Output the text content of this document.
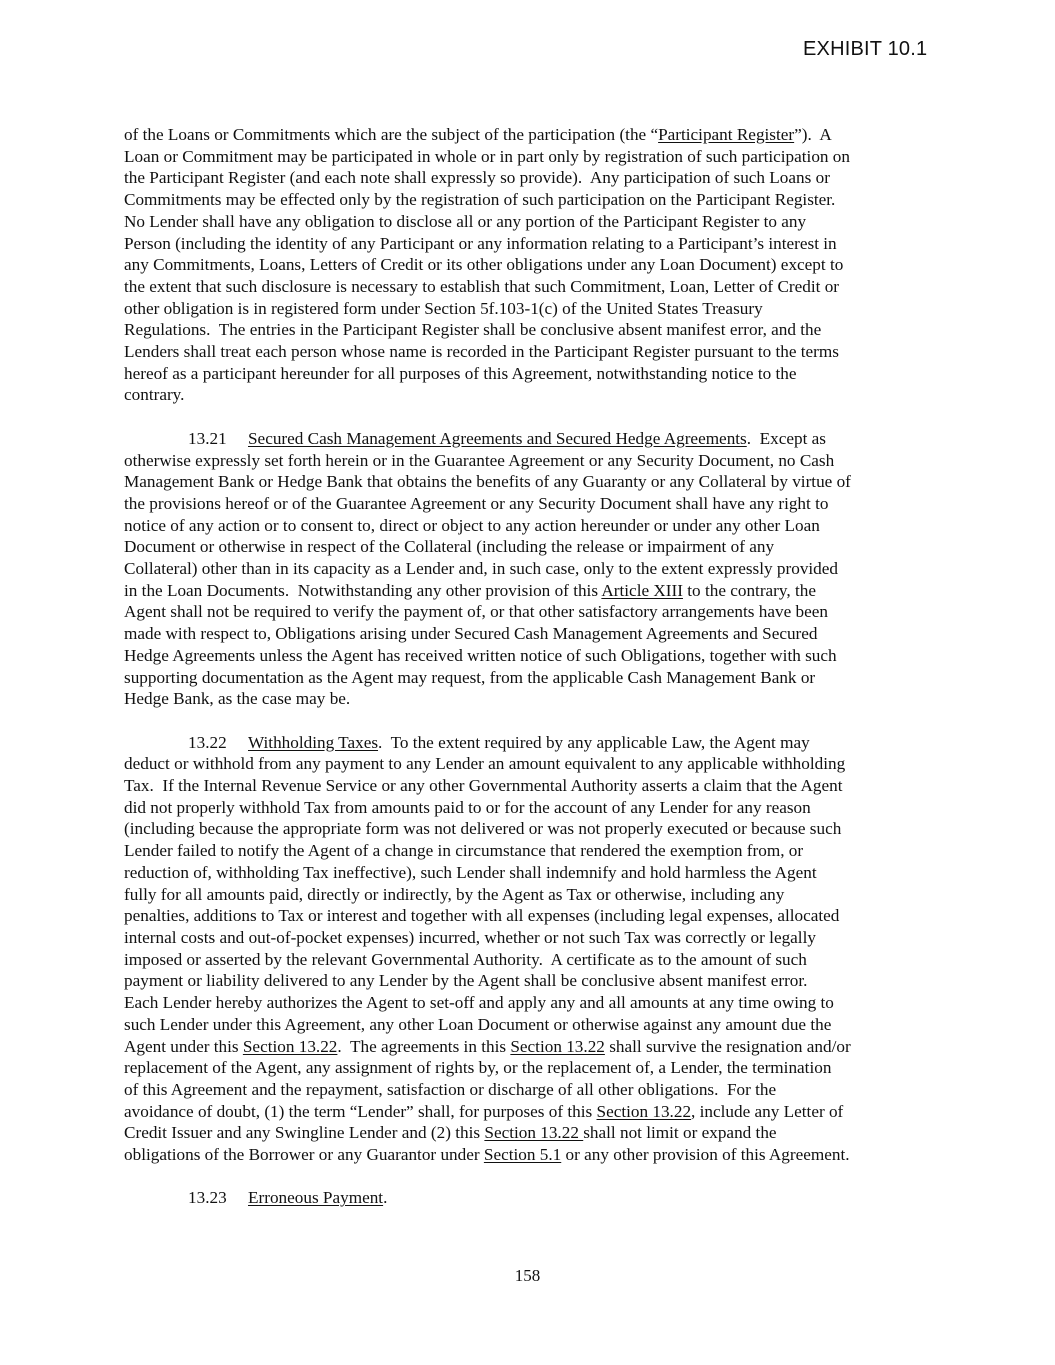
EXHIBIT 10.1
of the Loans or Commitments which are the subject of the participation (the “Participant Register”).  A
Loan or Commitment may be participated in whole or in part only by registration of such participation on
the Participant Register (and each note shall expressly so provide).  Any participation of such Loans or
Commitments may be effected only by the registration of such participation on the Participant Register.
No Lender shall have any obligation to disclose all or any portion of the Participant Register to any
Person (including the identity of any Participant or any information relating to a Participant’s interest in
any Commitments, Loans, Letters of Credit or its other obligations under any Loan Document) except to
the extent that such disclosure is necessary to establish that such Commitment, Loan, Letter of Credit or
other obligation is in registered form under Section 5f.103-1(c) of the United States Treasury
Regulations.  The entries in the Participant Register shall be conclusive absent manifest error, and the
Lenders shall treat each person whose name is recorded in the Participant Register pursuant to the terms
hereof as a participant hereunder for all purposes of this Agreement, notwithstanding notice to the
contrary.
13.21 Secured Cash Management Agreements and Secured Hedge Agreements.  Except as
otherwise expressly set forth herein or in the Guarantee Agreement or any Security Document, no Cash
Management Bank or Hedge Bank that obtains the benefits of any Guaranty or any Collateral by virtue of
the provisions hereof or of the Guarantee Agreement or any Security Document shall have any right to
notice of any action or to consent to, direct or object to any action hereunder or under any other Loan
Document or otherwise in respect of the Collateral (including the release or impairment of any
Collateral) other than in its capacity as a Lender and, in such case, only to the extent expressly provided
in the Loan Documents.  Notwithstanding any other provision of this Article XIII to the contrary, the
Agent shall not be required to verify the payment of, or that other satisfactory arrangements have been
made with respect to, Obligations arising under Secured Cash Management Agreements and Secured
Hedge Agreements unless the Agent has received written notice of such Obligations, together with such
supporting documentation as the Agent may request, from the applicable Cash Management Bank or
Hedge Bank, as the case may be.
13.22 Withholding Taxes.  To the extent required by any applicable Law, the Agent may
deduct or withhold from any payment to any Lender an amount equivalent to any applicable withholding
Tax.  If the Internal Revenue Service or any other Governmental Authority asserts a claim that the Agent
did not properly withhold Tax from amounts paid to or for the account of any Lender for any reason
(including because the appropriate form was not delivered or was not properly executed or because such
Lender failed to notify the Agent of a change in circumstance that rendered the exemption from, or
reduction of, withholding Tax ineffective), such Lender shall indemnify and hold harmless the Agent
fully for all amounts paid, directly or indirectly, by the Agent as Tax or otherwise, including any
penalties, additions to Tax or interest and together with all expenses (including legal expenses, allocated
internal costs and out-of-pocket expenses) incurred, whether or not such Tax was correctly or legally
imposed or asserted by the relevant Governmental Authority.  A certificate as to the amount of such
payment or liability delivered to any Lender by the Agent shall be conclusive absent manifest error.
Each Lender hereby authorizes the Agent to set-off and apply any and all amounts at any time owing to
such Lender under this Agreement, any other Loan Document or otherwise against any amount due the
Agent under this Section 13.22.  The agreements in this Section 13.22 shall survive the resignation and/or
replacement of the Agent, any assignment of rights by, or the replacement of, a Lender, the termination
of this Agreement and the repayment, satisfaction or discharge of all other obligations.  For the
avoidance of doubt, (1) the term “Lender” shall, for purposes of this Section 13.22, include any Letter of
Credit Issuer and any Swingline Lender and (2) this Section 13.22 shall not limit or expand the
obligations of the Borrower or any Guarantor under Section 5.1 or any other provision of this Agreement.
13.23 Erroneous Payment.
158
